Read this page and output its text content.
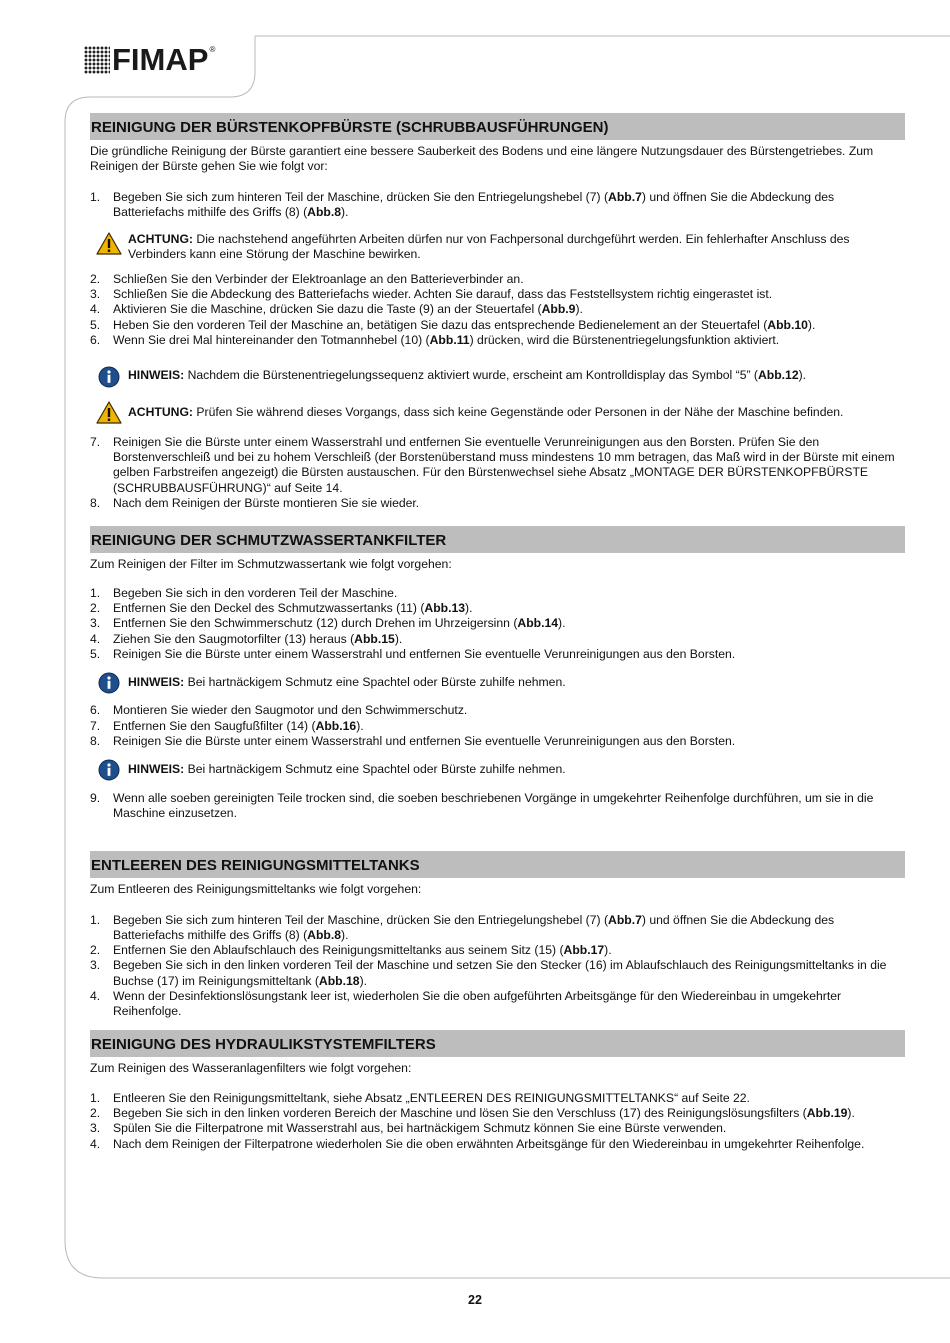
FIMAP ®
REINIGUNG DER BÜRSTENKOPFBÜRSTE (SCHRUBBAUSFÜHRUNGEN)

Die gründliche Reinigung der Bürste garantiert eine bessere Sauberkeit des Bodens und eine längere Nutzungsdauer des Bürstengetriebes. Zum Reinigen der Bürste gehen Sie wie folgt vor:

1. Begeben Sie sich zum hinteren Teil der Maschine, drücken Sie den Entriegelungshebel (7) (Abb.7) und öffnen Sie die Abdeckung des Batteriefachs mithilfe des Griffs (8) (Abb.8).

ACHTUNG: Die nachstehend angeführten Arbeiten dürfen nur von Fachpersonal durchgeführt werden. Ein fehlerhafter Anschluss des Verbinders kann eine Störung der Maschine bewirken.

2. Schließen Sie den Verbinder der Elektroanlage an den Batterieverbinder an.
3. Schließen Sie die Abdeckung des Batteriefachs wieder. Achten Sie darauf, dass das Feststellsystem richtig eingerastet ist.
4. Aktivieren Sie die Maschine, drücken Sie dazu die Taste (9) an der Steuertafel (Abb.9).
5. Heben Sie den vorderen Teil der Maschine an, betätigen Sie dazu das entsprechende Bedienelement an der Steuertafel (Abb.10).
6. Wenn Sie drei Mal hintereinander den Totmannhebel (10) (Abb.11) drücken, wird die Bürstenentriegelungsfunktion aktiviert.

HINWEIS: Nachdem die Bürstenentriegelungssequenz aktiviert wurde, erscheint am Kontrolldisplay das Symbol “5” (Abb.12).

ACHTUNG: Prüfen Sie während dieses Vorgangs, dass sich keine Gegenstände oder Personen in der Nähe der Maschine befinden.

7. Reinigen Sie die Bürste unter einem Wasserstrahl und entfernen Sie eventuelle Verunreinigungen aus den Borsten. Prüfen Sie den Borstenverschleiß und bei zu hohem Verschleiß (der Borstenüberstand muss mindestens 10 mm betragen, das Maß wird in der Bürste mit einem gelben Farbstreifen angezeigt) die Bürsten austauschen. Für den Bürstenwechsel siehe Absatz „MONTAGE DER BÜRSTENKOPFBÜRSTE (SCHRUBBAUSFÜHRUNG)“ auf Seite 14.
8. Nach dem Reinigen der Bürste montieren Sie sie wieder.
REINIGUNG DER SCHMUTZWASSERTANKFILTER

Zum Reinigen der Filter im Schmutzwassertank wie folgt vorgehen:

1. Begeben Sie sich in den vorderen Teil der Maschine.
2. Entfernen Sie den Deckel des Schmutzwassertanks (11) (Abb.13).
3. Entfernen Sie den Schwimmerschutz (12) durch Drehen im Uhrzeigersinn (Abb.14).
4. Ziehen Sie den Saugmotorfilter (13) heraus (Abb.15).
5. Reinigen Sie die Bürste unter einem Wasserstrahl und entfernen Sie eventuelle Verunreinigungen aus den Borsten.

HINWEIS: Bei hartnäckigem Schmutz eine Spachtel oder Bürste zuhilfe nehmen.

6. Montieren Sie wieder den Saugmotor und den Schwimmerschutz.
7. Entfernen Sie den Saugfußfilter (14) (Abb.16).
8. Reinigen Sie die Bürste unter einem Wasserstrahl und entfernen Sie eventuelle Verunreinigungen aus den Borsten.

HINWEIS: Bei hartnäckigem Schmutz eine Spachtel oder Bürste zuhilfe nehmen.

9. Wenn alle soeben gereinigten Teile trocken sind, die soeben beschriebenen Vorgänge in umgekehrter Reihenfolge durchführen, um sie in die Maschine einzusetzen.
ENTLEEREN DES REINIGUNGSMITTELTANKS

Zum Entleeren des Reinigungsmitteltanks wie folgt vorgehen:

1. Begeben Sie sich zum hinteren Teil der Maschine, drücken Sie den Entriegelungshebel (7) (Abb.7) und öffnen Sie die Abdeckung des Batteriefachs mithilfe des Griffs (8) (Abb.8).
2. Entfernen Sie den Ablaufschlauch des Reinigungsmitteltanks aus seinem Sitz (15) (Abb.17).
3. Begeben Sie sich in den linken vorderen Teil der Maschine und setzen Sie den Stecker (16) im Ablaufschlauch des Reinigungsmitteltanks in die Buchse (17) im Reinigungsmitteltank (Abb.18).
4. Wenn der Desinfektionslösungstank leer ist, wiederholen Sie die oben aufgeführten Arbeitsgänge für den Wiedereinbau in umgekehrter Reihenfolge.
REINIGUNG DES HYDRAULIKSTYSTEMFILTERS

Zum Reinigen des Wasseranlagenfilters wie folgt vorgehen:

1. Entleeren Sie den Reinigungsmitteltank, siehe Absatz „ENTLEEREN DES REINIGUNGSMITTELTANKS“ auf Seite 22.
2. Begeben Sie sich in den linken vorderen Bereich der Maschine und lösen Sie den Verschluss (17) des Reinigungslösungsfilters (Abb.19).
3. Spülen Sie die Filterpatrone mit Wasserstrahl aus, bei hartnäckigem Schmutz können Sie eine Bürste verwenden.
4. Nach dem Reinigen der Filterpatrone wiederholen Sie die oben erwähnten Arbeitsgänge für den Wiedereinbau in umgekehrter Reihenfolge.
22
